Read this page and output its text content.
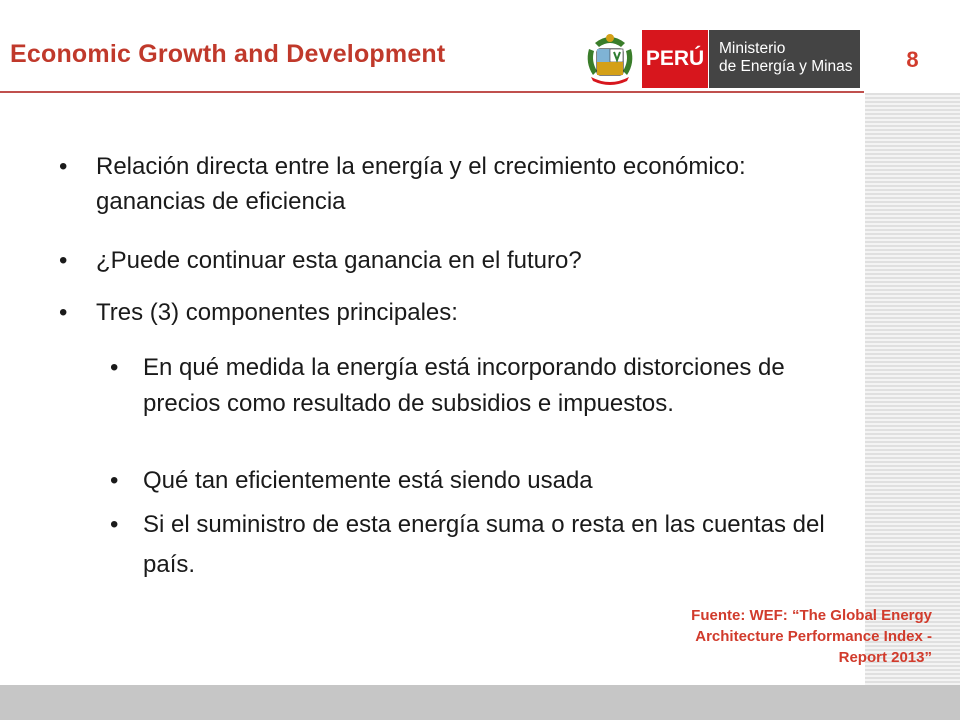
Economic Growth and Development	PERÚ Ministerio
de Energía y Minas	8
• Relación directa entre la energía y el crecimiento económico: ganancias de eficiencia
• ¿Puede continuar esta ganancia en el futuro?
• Tres (3) componentes principales:
• En qué medida la energía está incorporando distorciones de precios como resultado de subsidios e impuestos.
• Qué tan eficientemente está siendo usada
• Si el suministro de esta energía suma o resta en las cuentas del país.
Fuente: WEF: “The Global Energy
Architecture Performance Index -
Report 2013”
